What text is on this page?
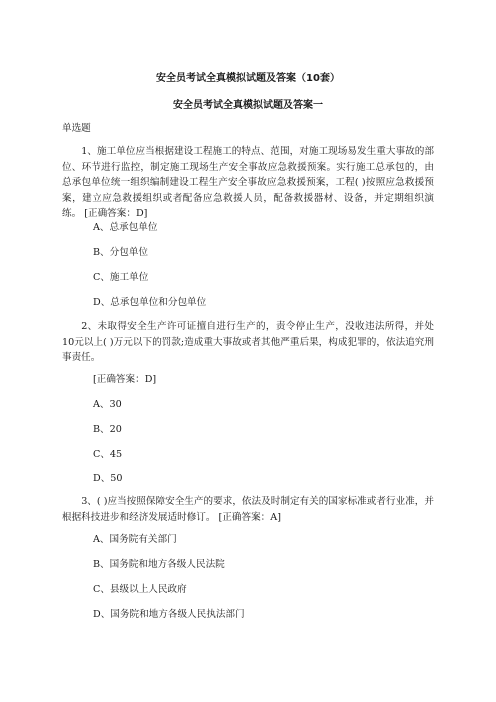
安全员考试全真模拟试题及答案（10套）
安全员考试全真模拟试题及答案一
单选题
1、施工单位应当根据建设工程施工的特点、范围，对施工现场易发生重大事故的部位、环节进行监控，制定施工现场生产安全事故应急救援预案。实行施工总承包的，由总承包单位统一组织编制建设工程生产安全事故应急救援预案，工程( )按照应急救援预案，建立应急救援组织或者配备应急救援人员，配备救援器材、设备，并定期组织演练。 [正确答案：D]
A、总承包单位
B、分包单位
C、施工单位
D、总承包单位和分包单位
2、未取得安全生产许可证擅自进行生产的，责令停止生产，没收违法所得，并处10元以上( )万元以下的罚款;造成重大事故或者其他严重后果，构成犯罪的，依法追究刑事责任。
[正确答案：D]
A、30
B、20
C、45
D、50
3、( )应当按照保障安全生产的要求，依法及时制定有关的国家标准或者行业准，并根据科技进步和经济发展适时修订。 [正确答案：A]
A、国务院有关部门
B、国务院和地方各级人民法院
C、县级以上人民政府
D、国务院和地方各级人民执法部门
